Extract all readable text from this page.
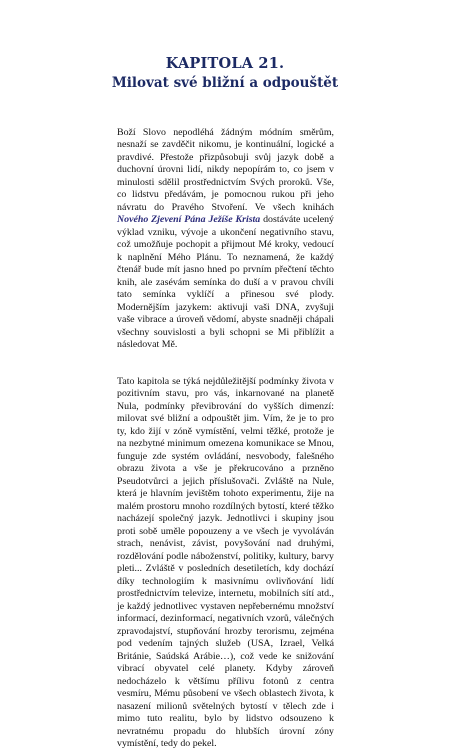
KAPITOLA 21.
Milovat své bližní a odpouštět

Boží Slovo nepodléhá žádným módním směrům, nesnaží se zavděčit nikomu, je kontinuální, logické a pravdivé. Přestože přizpůsobuji svůj jazyk době a duchovní úrovni lidí, nikdy nepopírám to, co jsem v minulosti sdělil prostřednictvím Svých proroků. Vše, co lidstvu předávám, je pomocnou rukou při jeho návratu do Pravého Stvoření. Ve všech knihách Nového Zjevení Pána Ježíše Krista dostáváte ucelený výklad vzniku, vývoje a ukončení negativního stavu, což umožňuje pochopit a přijmout Mé kroky, vedoucí k naplnění Mého Plánu. To neznamená, že každý čtenář bude mít jasno hned po prvním přečtení těchto knih, ale zasévám semínka do duší a v pravou chvíli tato semínka vyklíčí a přinesou své plody. Modernějším jazykem: aktivuji vaši DNA, zvyšuji vaše vibrace a úroveň vědomí, abyste snadněji chápali všechny souvislosti a byli schopni se Mi přiblížit a následovat Mě.

Tato kapitola se týká nejdůležitější podmínky života v pozitivním stavu, pro vás, inkarnované na planetě Nula, podmínky převibrování do vyšších dimenzí: milovat své bližní a odpouštět jim. Vím, že je to pro ty, kdo žijí v zóně vymístění, velmi těžké, protože je na nezbytné minimum omezena komunikace se Mnou, funguje zde systém ovládání, nesvobody, falešného obrazu života a vše je překrucováno a przněno Pseudotvůrci a jejich příslušovači. Zvláště na Nule, která je hlavním jevištěm tohoto experimentu, žije na malém prostoru mnoho rozdílných bytostí, které těžko nacházejí společný jazyk. Jednotlivci i skupiny jsou proti sobě uměle popouzeny a ve všech je vyvoláván strach, nenávist, závist, povyšování nad druhými, rozdělování podle náboženství, politiky, kultury, barvy pleti... Zvláště v posledních desetiletích, kdy dochází díky technologiím k masivnímu ovlivňování lidí prostřednictvím televize, internetu, mobilních sítí atd., je každý jednotlivec vystaven nepřebernému množství informací, dezinformací, negativních vzorů, válečných zpravodajství, stupňování hrozby terorismu, zejména pod vedením tajných služeb (USA, Izrael, Velká Británie, Saúdská Arábie…), což vede ke snižování vibrací obyvatel celé planety. Kdyby zároveň nedocházelo k většímu přílivu fotonů z centra vesmíru, Mému působení ve všech oblastech života, k nasazení milionů světelných bytostí v tělech zde i mimo tuto realitu, bylo by lidstvo odsouzeno k nevratnému propadu do hlubších úrovní zóny vymístění, tedy do pekel.
